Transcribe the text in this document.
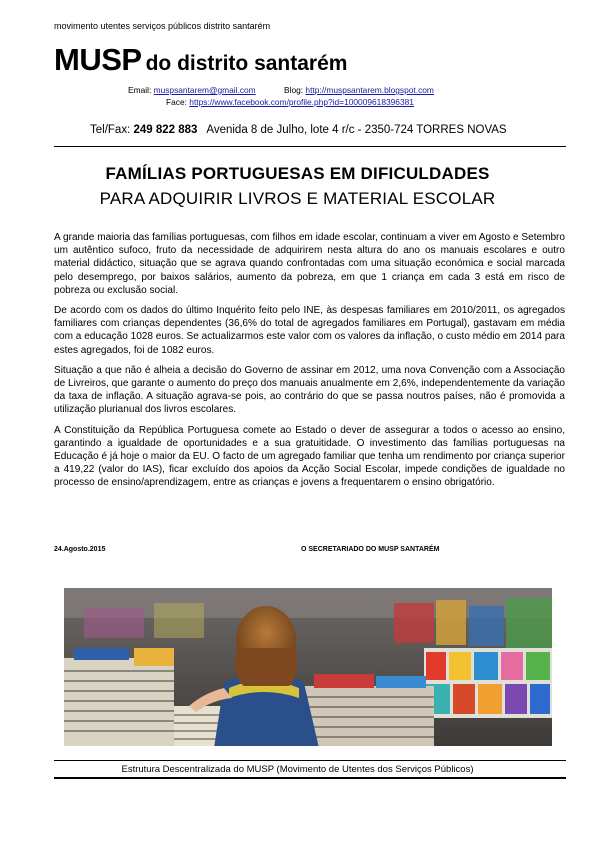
movimento utentes serviços públicos distrito santarém
MUSP do distrito santarém
Email: muspsantarem@gmail.com	Blog: http://muspsantarem.blogspot.com
Face: https://www.facebook.com/profile.php?id=100009618396381
Tel/Fax: 249 822 883 Avenida 8 de Julho, lote 4 r/c - 2350-724 TORRES NOVAS
FAMÍLIAS PORTUGUESAS EM DIFICULDADES
PARA ADQUIRIR LIVROS E MATERIAL ESCOLAR

A grande maioria das famílias portuguesas, com filhos em idade escolar, continuam a viver em Agosto e Setembro um autêntico sufoco, fruto da necessidade de adquirirem nesta altura do ano os manuais escolares e outro material didáctico, situação que se agrava quando confrontadas com uma situação económica e social marcada pelo desemprego, por baixos salários, aumento da pobreza, em que 1 criança em cada 3 está em risco de pobreza ou exclusão social.

De acordo com os dados do último Inquérito feito pelo INE, às despesas familiares em 2010/2011, os agregados familiares com crianças dependentes (36,6% do total de agregados familiares em Portugal), gastavam em média com a educação 1028 euros. Se actualizarmos este valor com os valores da inflação, o custo médio em 2014 para estes agregados, foi de 1082 euros.

Situação a que não é alheia a decisão do Governo de assinar em 2012, uma nova Convenção com a Associação de Livreiros, que garante o aumento do preço dos manuais anualmente em 2,6%, independentemente da variação da taxa de inflação. A situação agrava-se pois, ao contrário do que se passa noutros países, não é promovida a utilização plurianual dos livros escolares.

A Constituição da República Portuguesa comete ao Estado o dever de assegurar a todos o acesso ao ensino, garantindo a igualdade de oportunidades e a sua gratuitidade. O investimento das famílias portuguesas na Educação é já hoje o maior da EU. O facto de um agregado familiar que tenha um rendimento por criança superior a 419,22 (valor do IAS), ficar excluído dos apoios da Acção Social Escolar, impede condições de igualdade no processo de ensino/aprendizagem, entre as crianças e jovens a frequentarem o ensino obrigatório.

24.Agosto.2015	O SECRETARIADO DO MUSP SANTARÉM
Estrutura Descentralizada do MUSP (Movimento de Utentes dos Serviços Públicos)
